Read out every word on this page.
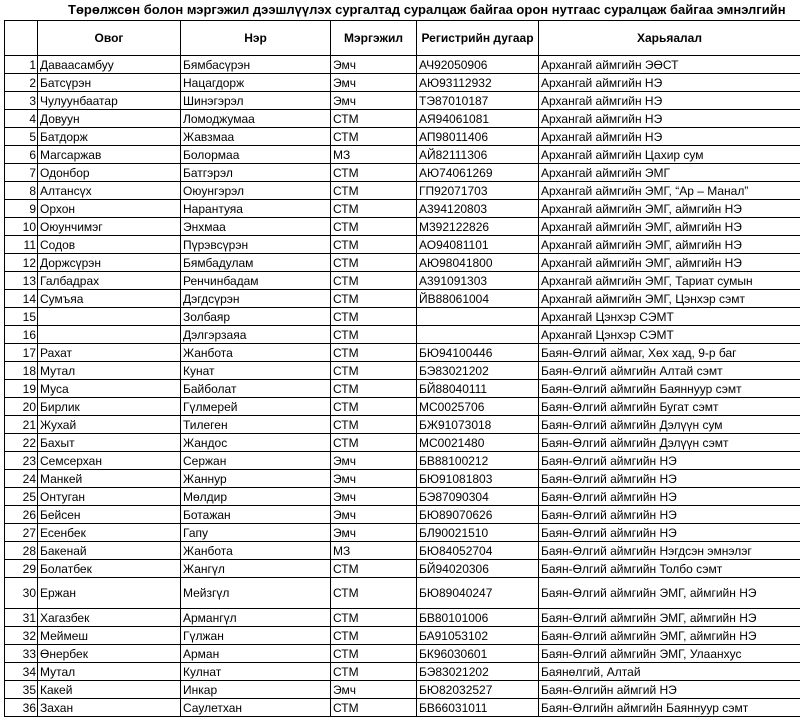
Төрөлжсөн болон мэргэжил дээшлүүлэх сургалтад суралцаж байгаа орон нутгаас суралцаж байгаа эмнэлгийн
	Овог	Нэр	Мэргэжил	Регистрийн дугаар	Харьяалал
1	Даваасамбуу	Бямбасүрэн	Эмч	АЧ92050906	Архангай аймгийн ЭӨСТ
2	Батсүрэн	Нацагдорж	Эмч	АЮ93112932	Архангай аймгийн НЭ
3	Чулуунбаатар	Шинэгэрэл	Эмч	ТЭ87010187	Архангай аймгийн НЭ
4	Довуун	Ломоджумаа	СТМ	АЯ94061081	Архангай аймгийн НЭ
5	Батдорж	Жавзмаа	СТМ	АП98011406	Архангай аймгийн НЭ
6	Магсаржав	Болормаа	МЗ	АЙ82111306	Архангай аймгийн Цахир сум
7	Одонбор	Батгэрэл	СТМ	АЮ74061269	Архангай аймгийн ЭМГ
8	Алтансүх	Оюунгэрэл	СТМ	ГП92071703	Архангай аймгийн ЭМГ, “Ар – Манал”
9	Орхон	Нарантуяа	СТМ	А394120803	Архангай аймгийн ЭМГ, аймгийн НЭ
10	Оюунчимэг	Энхмаа	СТМ	М392122826	Архангай аймгийн ЭМГ, аймгийн НЭ
11	Содов	Пүрэвсүрэн	СТМ	АО94081101	Архангай аймгийн ЭМГ, аймгийн НЭ
12	Доржсүрэн	Бямбадулам	СТМ	АЮ98041800	Архангай аймгийн ЭМГ, аймгийн НЭ
13	Галбадрах	Ренчинбадам	СТМ	А391091303	Архангай аймгийн ЭМГ, Тариат сумын
14	Сумъяа	Дэгдсүрэн	СТМ	ЙВ88061004	Архангай аймгийн ЭМГ, Цэнхэр сэмт
15		Золбаяр	СТМ		Архангай Цэнхэр СЭМТ
16		Дэлгэрзаяа	СТМ		Архангай Цэнхэр СЭМТ
17	Рахат	Жанбота	СТМ	БЮ94100446	Баян-Өлгий аймаг, Хөх хад, 9-р баг
18	Мутал	Кунат	СТМ	БЭ83021202	Баян-Өлгий аймгийн Алтай сэмт
19	Муса	Байболат	СТМ	БЙ88040111	Баян-Өлгий аймгийн Баяннуур сэмт
20	Бирлик	Гүлмерей	СТМ	МС0025706	Баян-Өлгий аймгийн Бугат сэмт
21	Жухай	Тилеген	СТМ	БЖ91073018	Баян-Өлгий аймгийн Дэлүүн сум
22	Бахыт	Жандос	СТМ	МС0021480	Баян-Өлгий аймгийн Дэлүүн сэмт
23	Семсерхан	Сержан	Эмч	БВ88100212	Баян-Өлгий аймгийн НЭ
24	Манкей	Жаннур	Эмч	БЮ91081803	Баян-Өлгий аймгийн НЭ
25	Онтуган	Мөлдир	Эмч	БЭ87090304	Баян-Өлгий аймгийн НЭ
26	Бейсен	Ботажан	Эмч	БЮ89070626	Баян-Өлгий аймгийн НЭ
27	Есенбек	Гапу	Эмч	БЛ90021510	Баян-Өлгий аймгийн НЭ
28	Бакенай	Жанбота	МЗ	БЮ84052704	Баян-Өлгий аймгийн Нэгдсэн эмнэлэг
29	Болатбек	Жангүл	СТМ	БЙ94020306	Баян-Өлгий аймгийн Толбо сэмт
30	Ержан	Мейзгүл	СТМ	БЮ89040247	Баян-Өлгий аймгийн ЭМГ, аймгийн НЭ
31	Хагазбек	Армангүл	СТМ	БВ80101006	Баян-Өлгий аймгийн ЭМГ, аймгийн НЭ
32	Меймеш	Гүлжан	СТМ	БА91053102	Баян-Өлгий аймгийн ЭМГ, аймгийн НЭ
33	Өнербек	Арман	СТМ	БК96030601	Баян-Өлгий аймгийн ЭМГ, Улаанхус
34	Мутал	Кулнат	СТМ	БЭ83021202	Баянөлгий, Алтай
35	Какей	Инкар	Эмч	БЮ82032527	Баян-Өлгийн аймгий НЭ
36	Захан	Саулетхан	СТМ	БВ66031011	Баян-Өлгийн аймгийн Баяннуур сэмт
